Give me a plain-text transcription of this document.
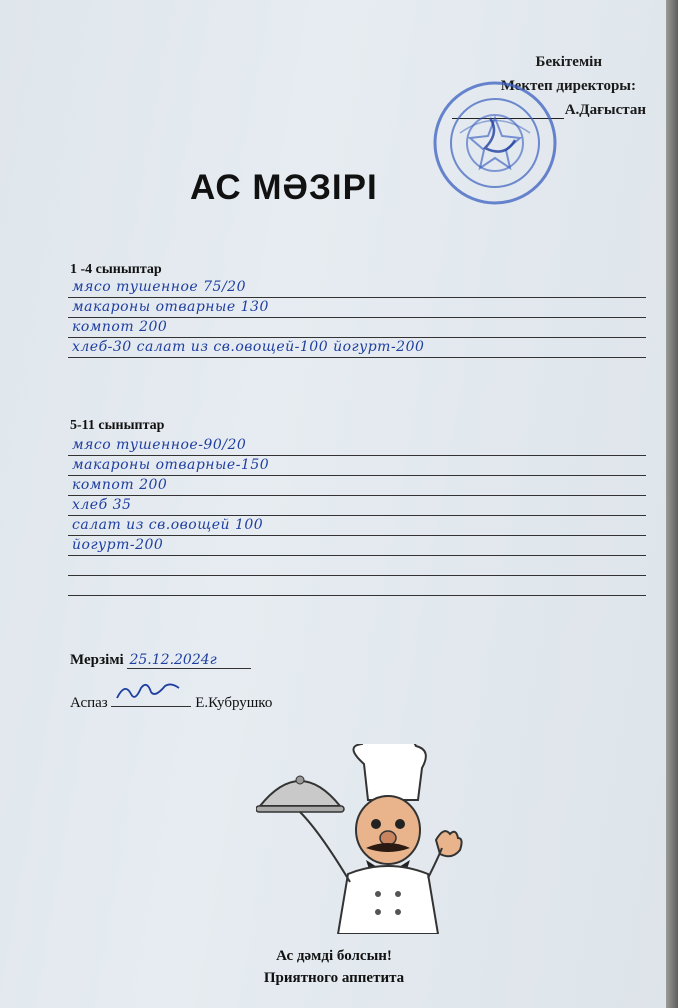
Бекітемін
Мектеп директоры:
А.Дағыстан
АС МӘЗІРІ
1 -4 сыныптар
мясо тушенное 75/20
макароны отварные 130
компот 200
хлеб-30 салат из св.овощей-100 йогурт-200
5-11 сыныптар
мясо тушенное-90/20
макароны отварные-150
компот 200
хлеб 35
салат из св.овощей 100
йогурт-200
Мерзімі 25.12.2024г
Аспаз	Е.Кубрушко
Ас дәмді болсын!
Приятного аппетита
